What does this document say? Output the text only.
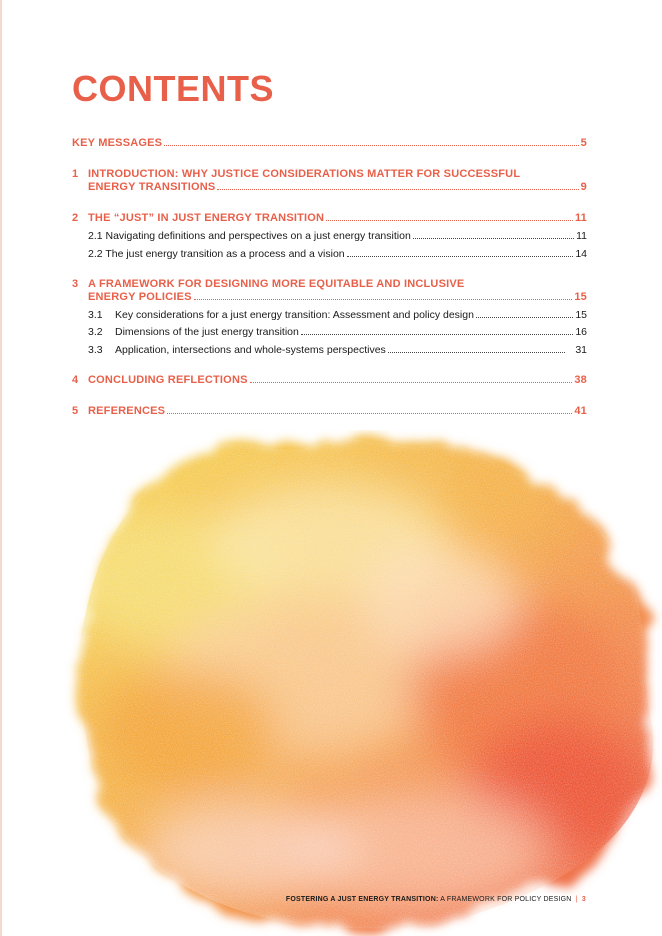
CONTENTS
KEY MESSAGES	5
1 INTRODUCTION: WHY JUSTICE CONSIDERATIONS MATTER FOR SUCCESSFUL
ENERGY TRANSITIONS	9
2 THE “JUST” IN JUST ENERGY TRANSITION	11
2.1 Navigating definitions and perspectives on a just energy transition	11
2.2 The just energy transition as a process and a vision	14
3 A FRAMEWORK FOR DESIGNING MORE EQUITABLE AND INCLUSIVE
ENERGY POLICIES	15
3.1	Key considerations for a just energy transition: Assessment and policy design	15
3.2	Dimensions of the just energy transition	16
3.3	Application, intersections and whole-systems perspectives	31
4 CONCLUDING REFLECTIONS	38
5 REFERENCES	41
FOSTERING A JUST ENERGY TRANSITION: A FRAMEWORK FOR POLICY DESIGN | 3
